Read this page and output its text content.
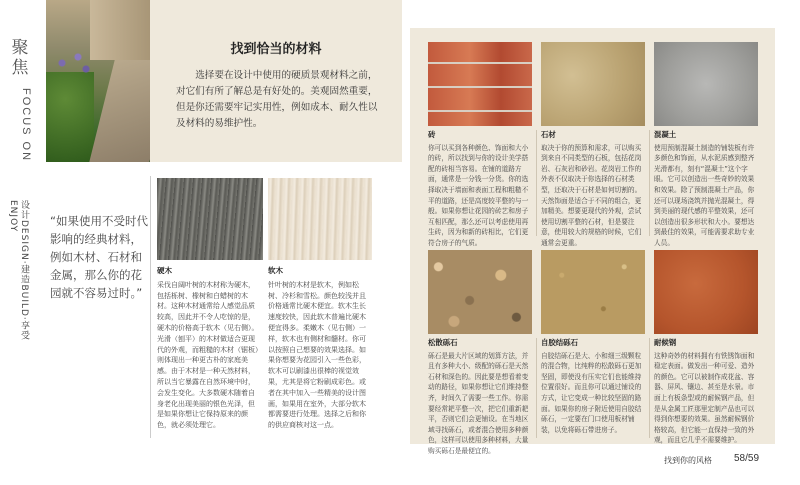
聚焦
FOCUS ON
设计DESIGN·建造BUILD·享受ENJOY
找到恰当的材料
选择要在设计中使用的硬质景观材料之前，对它们有所了解总是有好处的。美观固然重要，但是你还需要牢记实用性，例如成本、耐久性以及材料的易维护性。
“如果使用不受时代影响的经典材料，例如木材、石材和金属，那么你的花园就不容易过时。”
硬木
采伐自阔叶树的木材称为硬木，包括栎树、橡树和白蜡树的木材。这种木材通常给人感觉品质较高，因此并不令人吃惊的是，硬木的价格高于软木（见右侧）。光滑（刨平）的木材做适合更现代的外观，而粗糙的木材（锯板）则体现出一种更古朴的家庭美感。由于木材是一种天然材料，所以当它暴露在自然环境中时，会发生变化。大多数硬木随着自身老化出现美丽的银色光泽，但是如果你想让它保持原来的颜色，就必须处理它。
软木
针叶树的木材是软木，例如松树、冷杉和雪松。颜色较浅并且价格通常比硬木便宜。软木生长速度较快，因此软木普遍比硬木便宜得多。柔嫩木（见右侧）一样，软木也有侧材和髓材。你可以按照自己想要的效果选择。如果你想要为花园引入一些色彩，软木可以刷漆出很棒的视觉效果，尤其是将它粉刷成彩色。或者在其中加入一些精美的设计图画，如果用在室外，大部分软木都需要进行处理。选择之后和你的供应商核对这一点。
砖
你可以买到各种颜色、饰面和大小的砖，所以找到与你的设计美学搭配的砖相当容易。在铺的道路方面，通常是一分钱一分货。你的选择取决于墙面和表面工程和粗糙不平的道路，还是高度较平整的与一般。如果你想让花园的砖艺和房子互相匹配，那么还可以考虑使用再生砖，因为和新的砖相比，它们更符合房子的气质。
石材
取决于你的预算和需求，可以购买到来自不同类型的石板，包括花岗岩、石灰岩和砂岩。花岗岩工作的外表不仅取决于你选择的石材类型，还取决于石材是如何切割的。天然饰面是适合于不同的组合，更加精美。想要更现代的外观，尝试使用切割平整的石材，但是要注意，使用较大的规格的时候，它们通常会更重。
混凝土
使用预制混凝土制造的铺装板有许多颜色和饰面，从水泥质感到整齐光滑都有，刻有“混凝土”这个字眼。它可以创造出一些奇妙的效果和效果。除了预制混凝土产品，你还可以现场浇筑并抛光混凝土，得到美丽的现代感的平整效果，还可以创造出很多形状和大小。要想达到最佳的效果，可能需要求助专业人员。
松散砾石
砾石是最大片区域的划算方法，并且有多种大小、级配的砾石是天然石材和深色的。因此要是想看着变动的路径，如果你想让它们维持整齐，时间久了需要一些工作。你需要经常耙平整一次，把它们重新耙平，否则它们会更铺设。在当地区域寻找砾石，或者混合使用多种颜色，这样可以使用多种材料，大量购买砾石是最便宜的。
自胶结砾石
自胶结砾石是大、小和细三级颗粒的混合物，比纯粹的松散砾石更加坚固，即使没有压实它们也能维持位置很好。而且你可以通过铺设的方式，让它变成一种比较坚固的路面。如果你的房子附近使用自胶结砾石，一定要在门口使用板材铺装，以免将砾石带进房子。
耐候钢
这种奇妙的材料拥有有铁锈饰面和稳定表面。做发出一种可爱、造外的颜色。它可以被制作成花盆、容器、屏风、镶边、甚至是水景。市面上有板条型或的耐候钢产品，但是从金属工匠那里定制产品也可以得到你想要的效果。虽然耐候钢价格较高，但它能一直保持一致的外观，而且它几乎不需要维护。
找到你的风格 58/59
